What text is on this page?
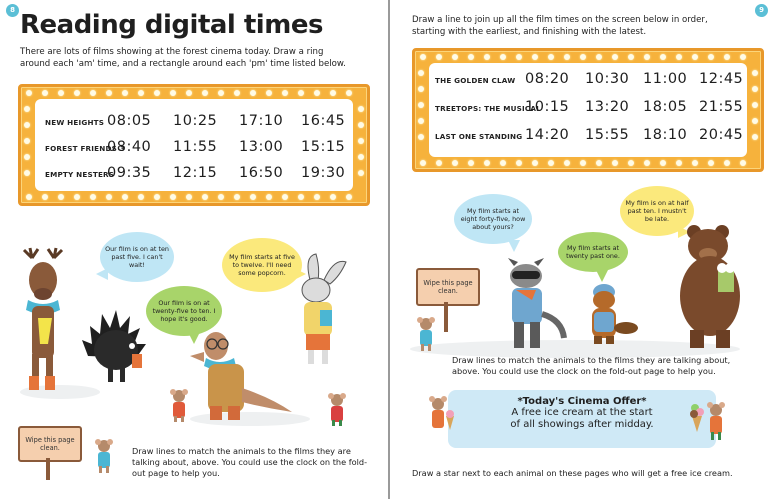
8 Reading digital times
There are lots of films showing at the forest cinema today. Draw a ring around each 'am' time, and a rectangle around each 'pm' time listed below.
NEW HEIGHTS 08:05 10:25 17:10 16:45
FOREST FRIENDS 3
08:40 11:55 13:00 15:15
EMPTY NESTERS
09:35 12:15 16:50 19:30
Our film is on at ten past five. I can't wait!
My film starts at five to twelve. I'll need some popcorn.
Our film is on at twenty-five to ten. I hope it's good.
Wipe this page clean.	Draw lines to match the animals to the films they are talking about, above. You could use the clock on the fold-out page to help you.
9
Draw a line to join up all the film times on the screen below in order, starting with the earliest, and finishing with the latest.
THE GOLDEN CLAW 08:20 10:30 11:00 12:45
TREETOPS: THE MUSICAL
10:15 13:20 18:05 21:55
LAST ONE STANDING 14:20 15:55 18:10 20:45
My film starts at eight forty-five, how about yours?
My film starts at twenty past one.
My film is on at half past ten. I mustn't be late.
Wipe this page clean.
Draw lines to match the animals to the films they are talking about, above. You could use the clock on the fold-out page to help you.
*Today's Cinema Offer*
A free ice cream at the start
of all showings after midday.
Draw a star next to each animal on these pages who will get a free ice cream.
